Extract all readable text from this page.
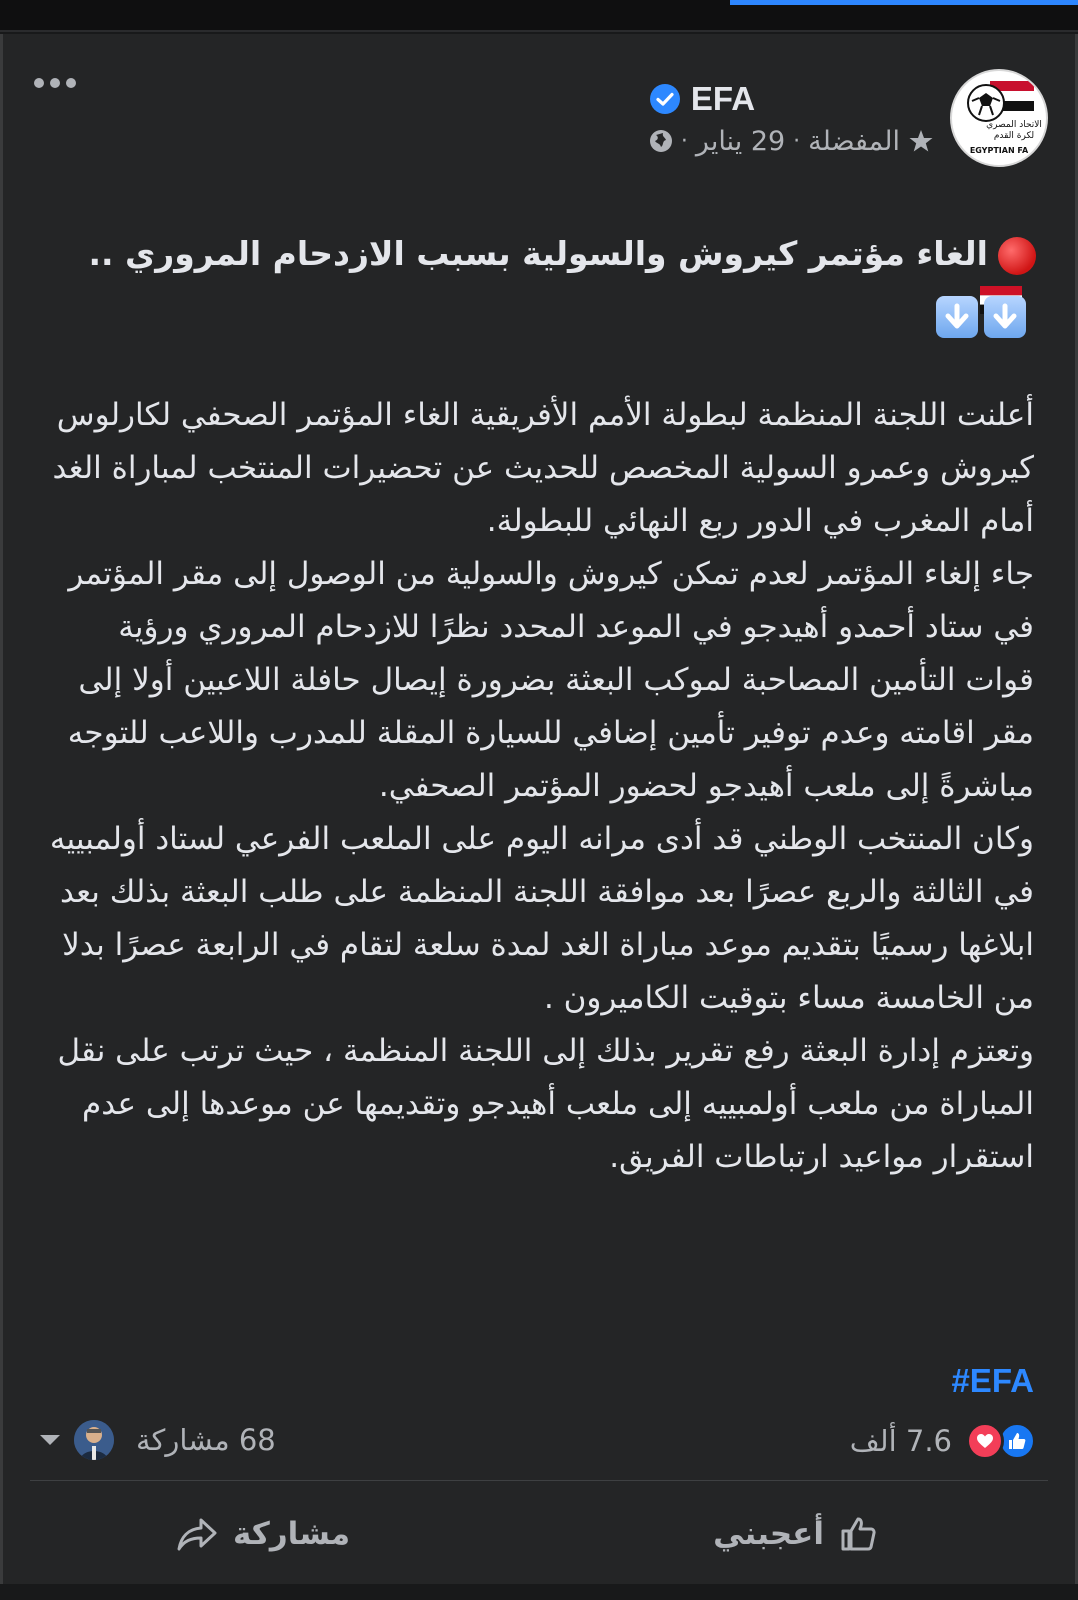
الاتحاد المصري
لكرة القدم
EGYPTIAN FA
EFA
المفضلة
·
29 يناير
·
الغاء مؤتمر كيروش والسولية بسبب الازدحام المروري ..

أعلنت اللجنة المنظمة لبطولة الأمم الأفريقية الغاء المؤتمر الصحفي لكارلوس كيروش وعمرو السولية المخصص للحديث عن تحضيرات المنتخب لمباراة الغد أمام المغرب في الدور ربع النهائي للبطولة.

جاء إلغاء المؤتمر لعدم تمكن كيروش والسولية من الوصول إلى مقر المؤتمر في ستاد أحمدو أهيدجو في الموعد المحدد نظرًا للازدحام المروري ورؤية قوات التأمين المصاحبة لموكب البعثة بضرورة إيصال حافلة اللاعبين أولا إلى مقر اقامته وعدم توفير تأمين إضافي للسيارة المقلة للمدرب واللاعب للتوجه مباشرةً إلى ملعب أهيدجو لحضور المؤتمر الصحفي.

وكان المنتخب الوطني قد أدى مرانه اليوم على الملعب الفرعي لستاد أولمبييه في الثالثة والربع عصرًا بعد موافقة اللجنة المنظمة على طلب البعثة بذلك بعد ابلاغها رسميًا بتقديم موعد مباراة الغد لمدة سلعة لتقام في الرابعة عصرًا بدلا من الخامسة مساء بتوقيت الكاميرون .

وتعتزم إدارة البعثة رفع تقرير بذلك إلى اللجنة المنظمة ، حيث ترتب على نقل المباراة من ملعب أولمبييه إلى ملعب أهيدجو وتقديمها عن موعدها إلى عدم استقرار مواعيد ارتباطات الفريق.

#EFA
7.6 ألف
68 مشاركة
أعجبني
مشاركة
